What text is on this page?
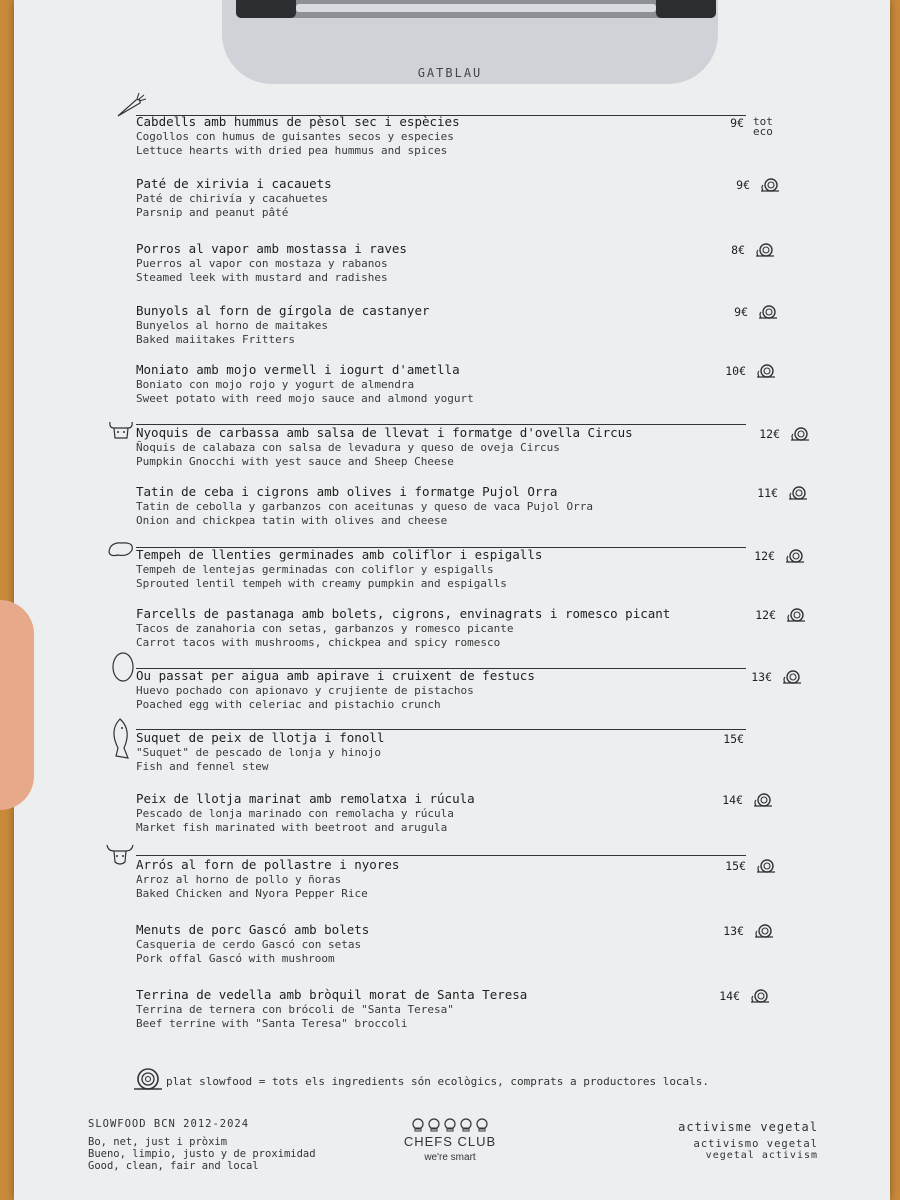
GATBLAU
tot
eco
Cabdells amb hummus de pèsol sec i espècies
Cogollos con humus de guisantes secos y especies
Lettuce hearts with dried pea hummus and spices
9€
Paté de xirivia i cacauets
Paté de chirivía y cacahuetes
Parsnip and peanut pâté
9€
Porros al vapor amb mostassa i raves
Puerros al vapor con mostaza y rabanos
Steamed leek with mustard and radishes
8€
Bunyols al forn de gírgola de castanyer
Bunyelos al horno de maitakes
Baked maiitakes Fritters
9€
Moniato amb mojo vermell i iogurt d'ametlla
Boniato con mojo rojo y yogurt de almendra
Sweet potato with reed mojo sauce and almond yogurt
10€
Nyoquis de carbassa amb salsa de llevat i formatge d'ovella Circus
Ñoquis de calabaza con salsa de levadura y queso de oveja Circus
Pumpkin Gnocchi with yest sauce and Sheep Cheese
12€
Tatin de ceba i cigrons amb olives i formatge Pujol Orra
Tatin de cebolla y garbanzos con aceitunas y queso de vaca Pujol Orra
Onion and chickpea tatin with olives and cheese
11€
Tempeh de llenties germinades amb coliflor i espigalls
Tempeh de lentejas germinadas con coliflor y espigalls
Sprouted lentil tempeh with creamy pumpkin and espigalls
12€
Farcells de pastanaga amb bolets, cigrons, envinagrats i romesco picant
Tacos de zanahoria con setas, garbanzos y romesco picante
Carrot tacos with mushrooms, chickpea and spicy romesco
12€
Ou passat per aigua amb apirave i cruixent de festucs
Huevo pochado con apionavo y crujiente de pistachos
Poached egg with celeriac and pistachio crunch
13€
Suquet de peix de llotja i fonoll
"Suquet" de pescado de lonja y hinojo
Fish and fennel stew
15€
Peix de llotja marinat amb remolatxa i rúcula
Pescado de lonja marinado con remolacha y rúcula
Market fish marinated with beetroot and arugula
14€
Arrós al forn de pollastre i nyores
Arroz al horno de pollo y ñoras
Baked Chicken and Nyora Pepper Rice
15€
Menuts de porc Gascó amb bolets
Casqueria de cerdo Gascó con setas
Pork offal Gascó with mushroom
13€
Terrina de vedella amb bròquil morat de Santa Teresa
Terrina de ternera con brócoli de "Santa Teresa"
Beef terrine with "Santa Teresa" broccoli
14€
plat slowfood = tots els ingredients són ecològics, comprats a productores locals.
SLOWFOOD BCN 2012-2024
Bo, net, just i pròxim
Bueno, limpio, justo y de proximidad
Good, clean, fair and local
CHEFS CLUB
we're smart
activisme vegetal
activismo vegetal
vegetal activism
